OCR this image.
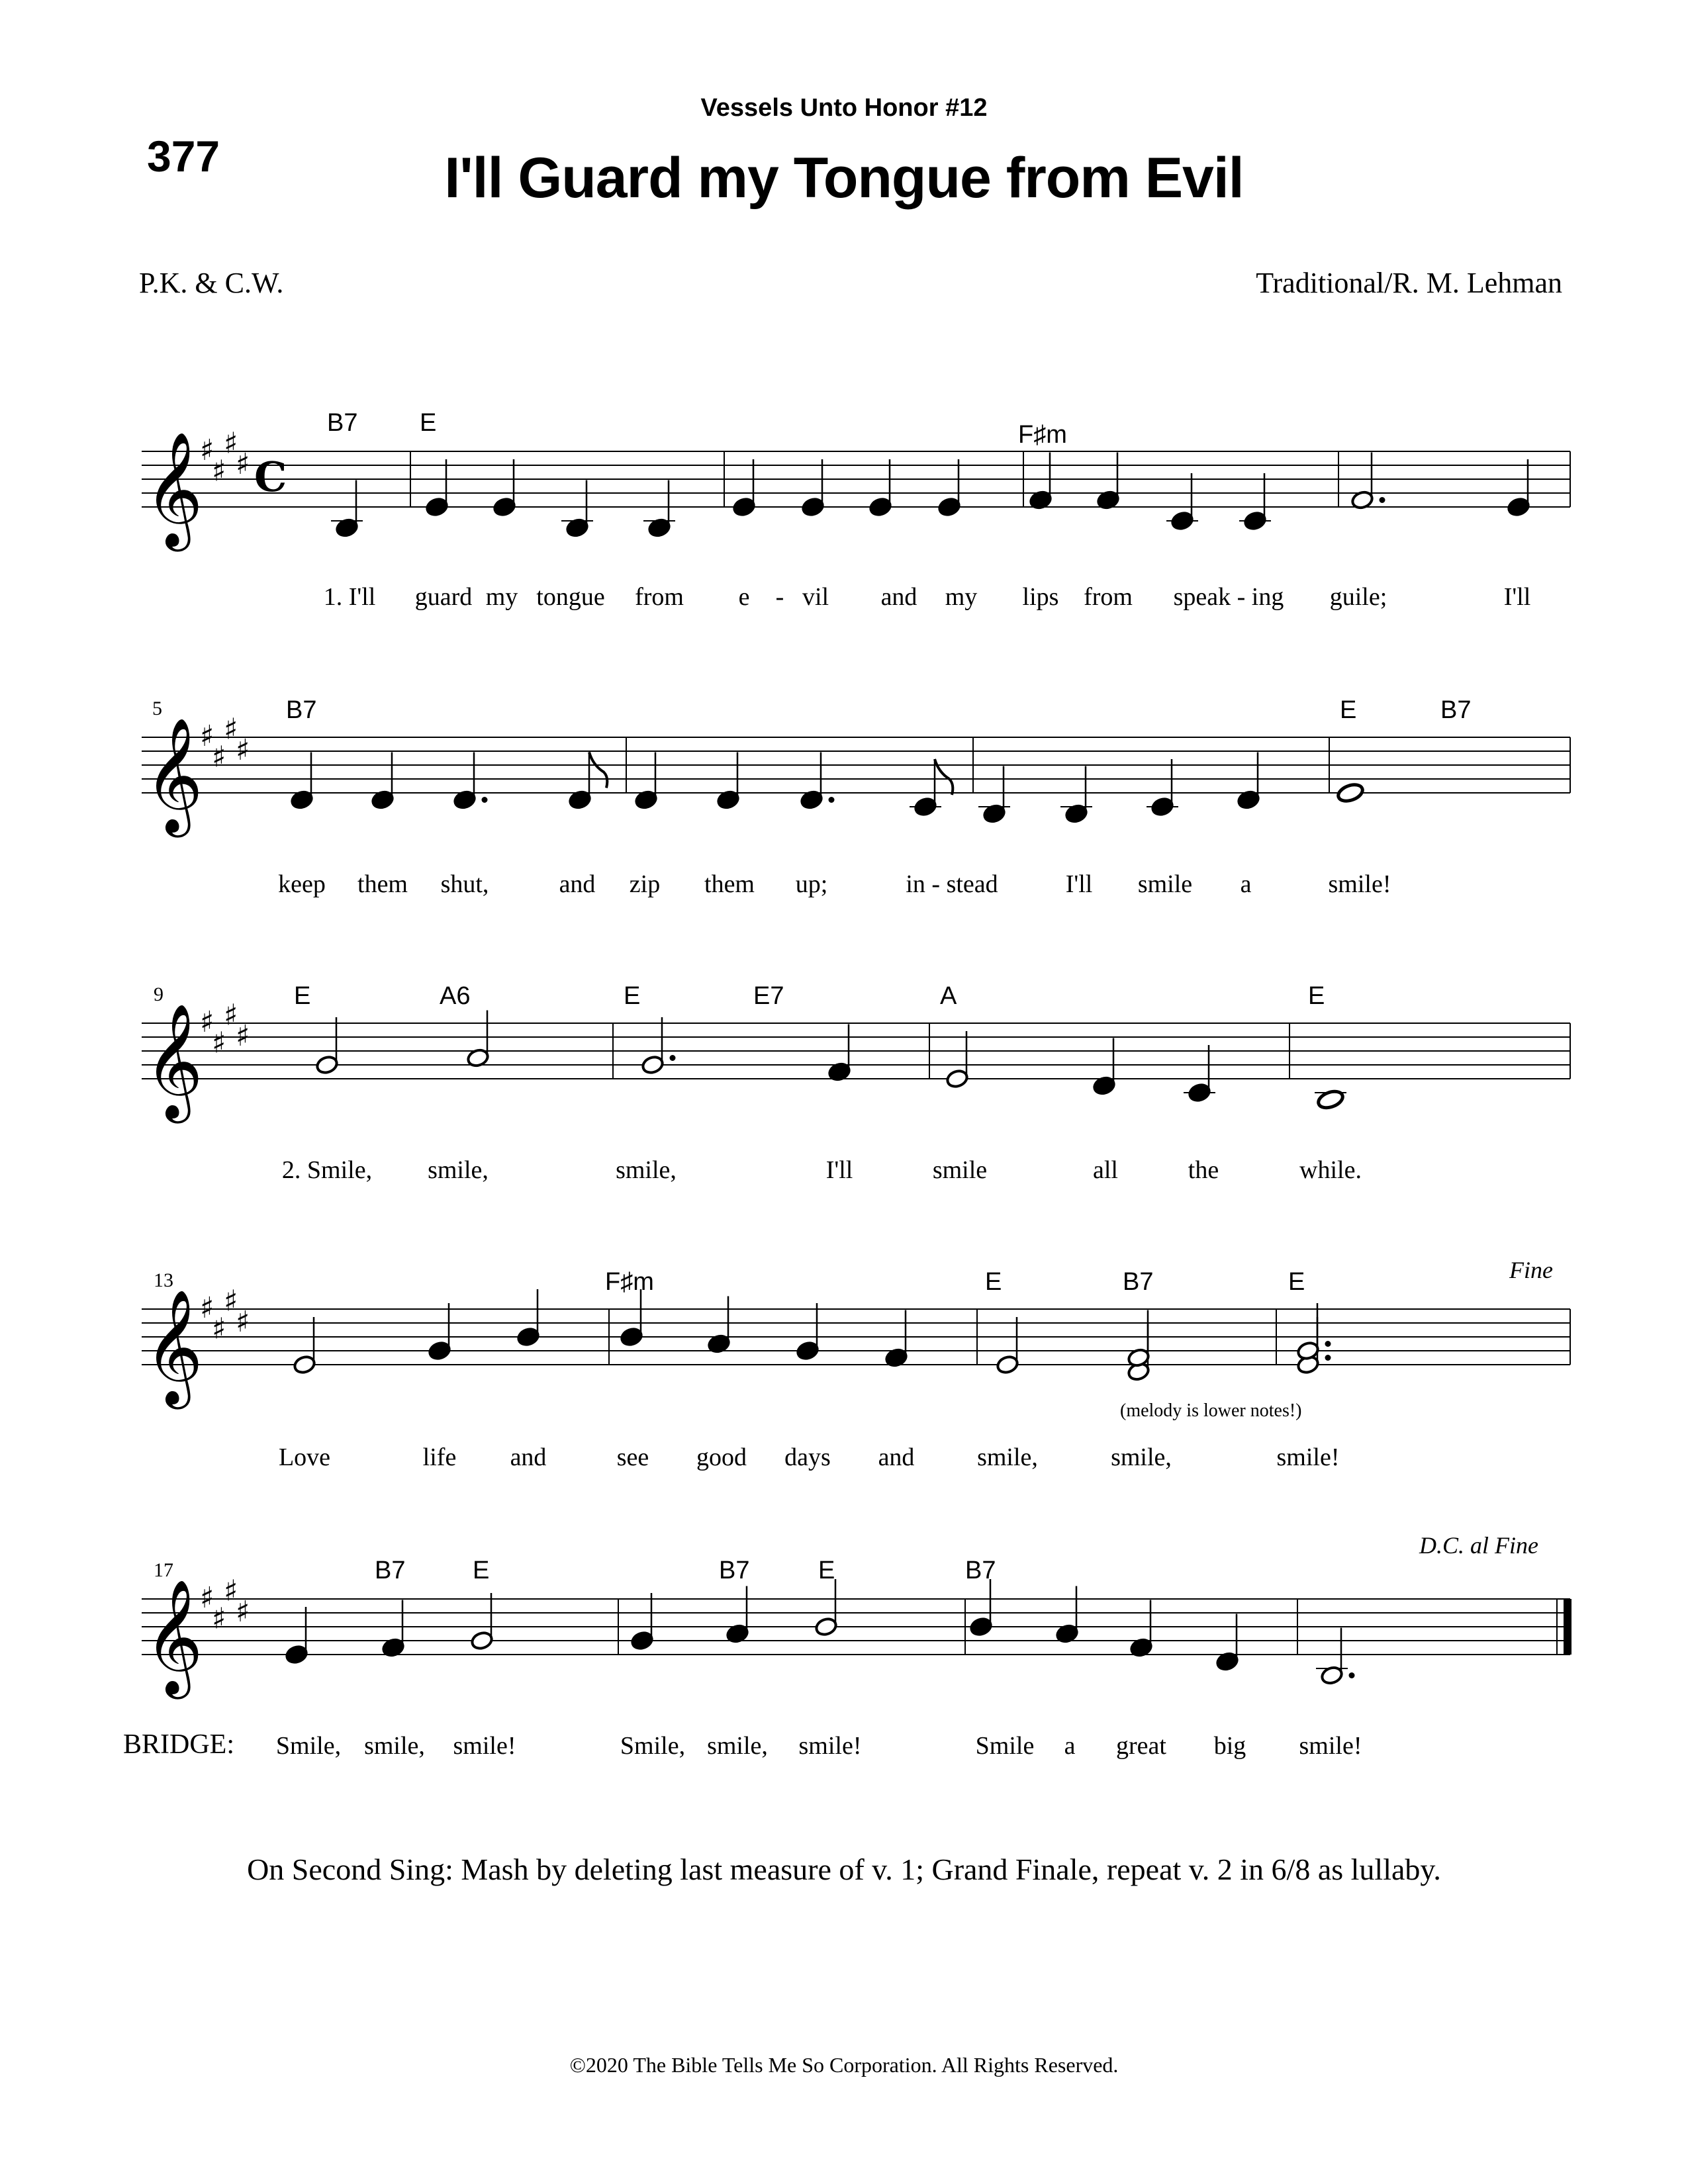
377
Vessels Unto Honor #12
I'll Guard my Tongue from Evil
P.K. & C.W.	Traditional/R. M. Lehman
𝄞
♯
♯
♯
♯ C
B7 E	F♯m
1. I'll guard my tongue from e - vil and my lips from speak - ing guile;	I'll
𝄞
♯
♯
♯
♯
5	B7	E	B7
keep them shut,	and zip them up;	in - stead	I'll smile a	smile!
𝄞
♯
♯
♯
♯
9	E	A6	E	E7	A	E
2. Smile, smile,	smile,	I'll	smile	all	the	while.
𝄞
♯
♯
♯
♯
13	F♯m	E	B7	E	Fine
(melody is lower notes!)
Love	life and	see good days and smile,	smile,	smile!
𝄞
♯
♯
♯
♯
17	B7	E	B7	E	B7
D.C. al Fine
BRIDGE: Smile, smile, smile!	Smile, smile, smile!	Smile a great big smile!
On Second Sing: Mash by deleting last measure of v. 1; Grand Finale, repeat v. 2 in 6/8 as lullaby.
©2020 The Bible Tells Me So Corporation. All Rights Reserved.
